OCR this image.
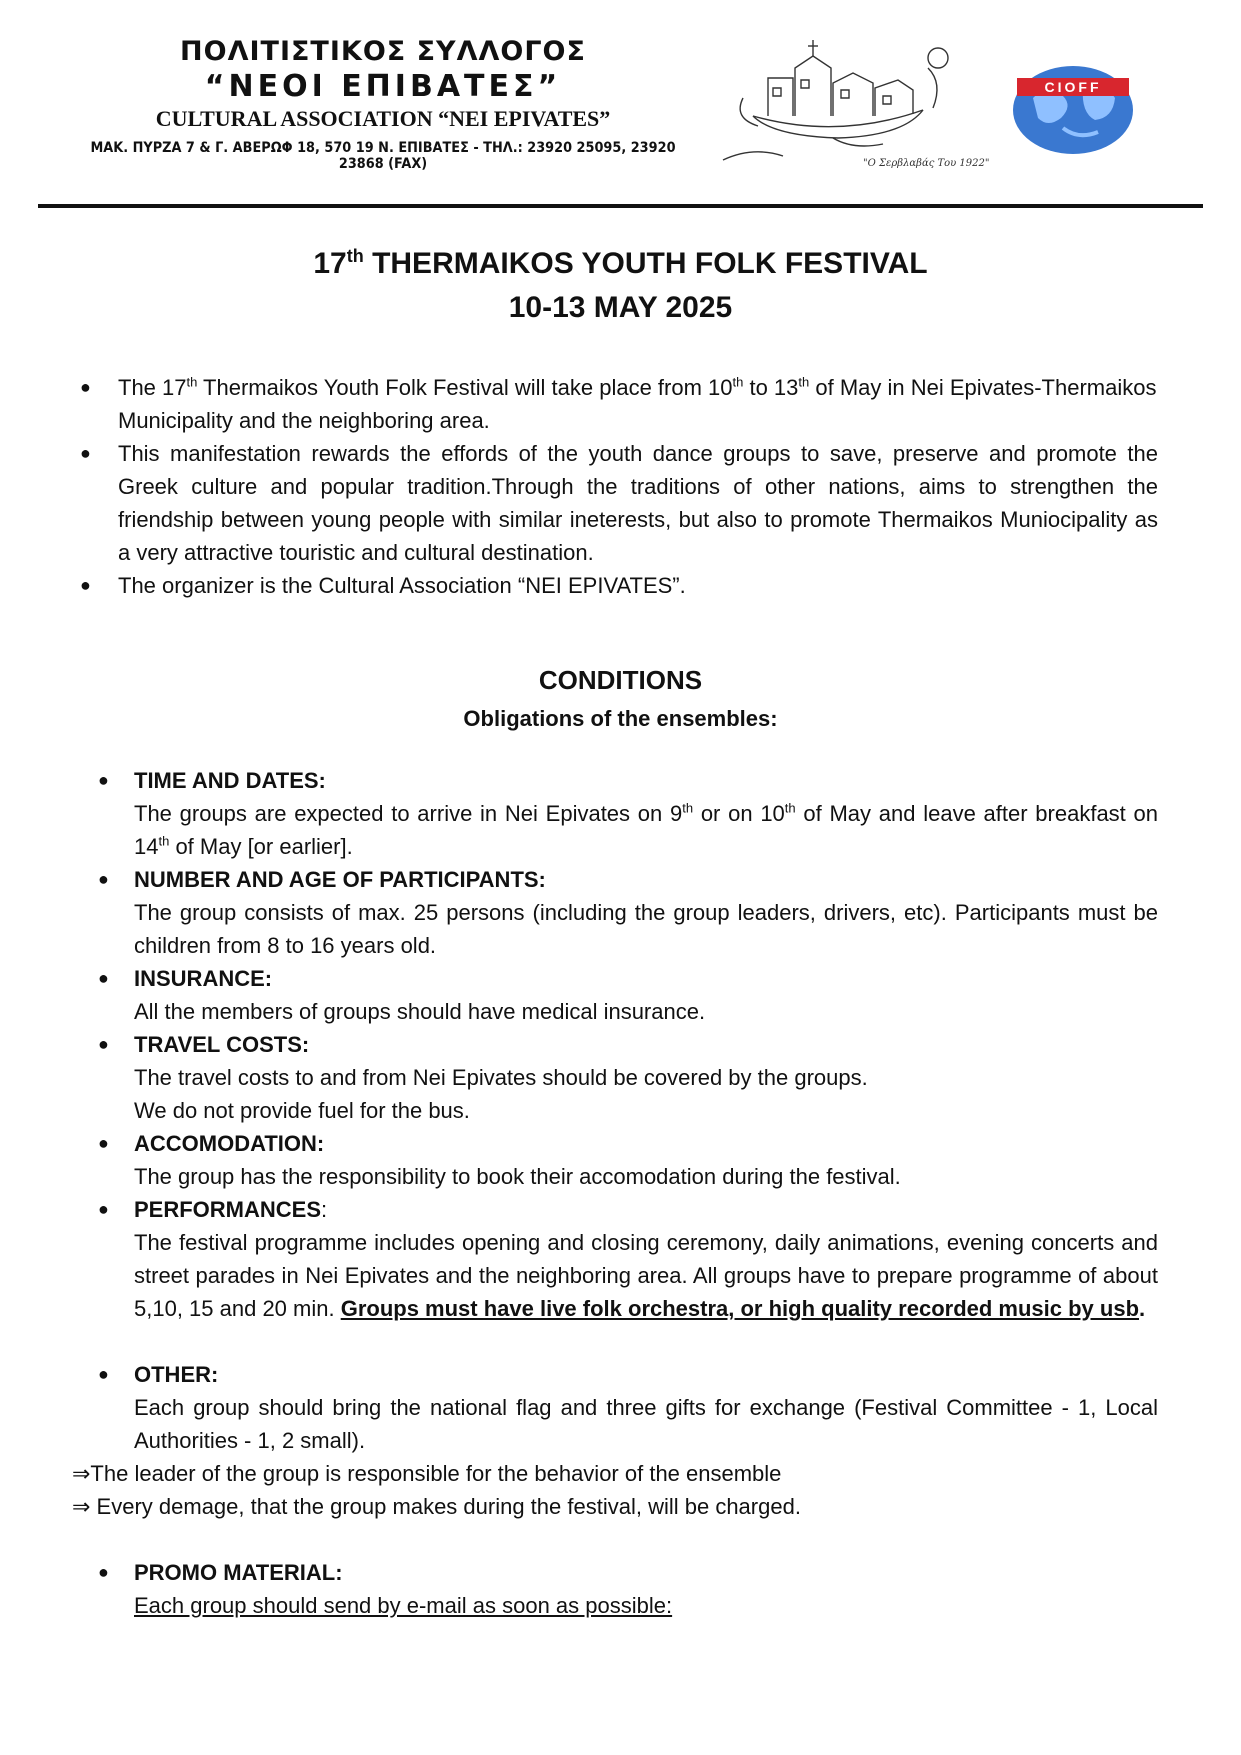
ΠΟΛΙΤΙΣΤΙΚΟΣ ΣΥΛΛΟΓΟΣ
“ΝΕΟΙ ΕΠΙΒΑΤΕΣ”
CULTURAL ASSOCIATION “NEI EPIVATES”
ΜΑΚ. ΠΥΡΖΑ 7 & Γ. ΑΒΕΡΩΦ 18, 570 19 Ν. ΕΠΙΒΑΤΕΣ - ΤΗΛ.: 23920 25095, 23920 23868 (FAX)	"Ο Σερβλαβάς Του 1922"
CIOFF
17th THERMAIKOS YOUTH FOLK FESTIVAL
10-13 MAY 2025
● The 17th Thermaikos Youth Folk Festival will take place from 10th to 13th of May in Nei Epivates-Thermaikos Municipality and the neighboring area.
● This manifestation rewards the effords of the youth dance groups to save, preserve and promote the Greek culture and popular tradition.Through the traditions of other nations, aims to strengthen the friendship between young people with similar ineterests, but also to promote Thermaikos Muniocipality as a very attractive touristic and cultural destination.
● The organizer is the Cultural Association “NEI EPIVATES”.
CONDITIONS
Obligations of the ensembles:
● TIME AND DATES:
The groups are expected to arrive in Nei Epivates on 9th or on 10th of May and leave after breakfast on 14th of May [or earlier].
● NUMBER AND AGE OF PARTICIPANTS:
The group consists of max. 25 persons (including the group leaders, drivers, etc). Participants must be children from 8 to 16 years old.
● INSURANCE:
All the members of groups should have medical insurance.
● TRAVEL COSTS:
The travel costs to and from Nei Epivates should be covered by the groups.
We do not provide fuel for the bus.
● ACCOMODATION:
The group has the responsibility to book their accomodation during the festival.
● PERFORMANCES:
The festival programme includes opening and closing ceremony, daily animations, evening concerts and street parades in Nei Epivates and the neighboring area. All groups have to prepare programme of about 5,10, 15 and 20 min. Groups must have live folk orchestra, or high quality recorded music by usb.
● OTHER:
Each group should bring the national flag and three gifts for exchange (Festival Committee - 1, Local Authorities - 1, 2 small).
⇒The leader of the group is responsible for the behavior of the ensemble
⇒ Every demage, that the group makes during the festival, will be charged.
● PROMO MATERIAL:
Each group should send by e-mail as soon as possible:
